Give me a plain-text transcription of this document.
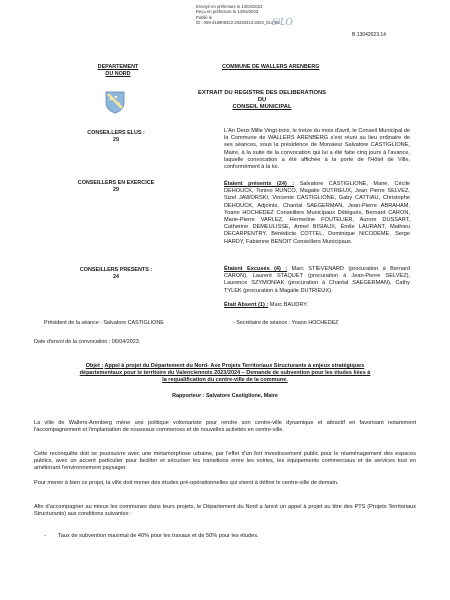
Envoyé en préfecture le 14/04/2023
Reçu en préfecture le 14/04/2023
Publié le
ID : 059-215906322-20230413-2023_014-DE
S²LO
B 13042023.14
DEPARTEMENT
DU NORD
COMMUNE DE WALLERS ARENBERG
EXTRAIT DU REGISTRE DES DELIBERATIONS DU
CONSEIL MUNICIPAL
CONSEILLERS ELUS :
29
CONSEILLERS EN EXERCICE
29
CONSEILLERS PRESENTS :
24
L'An Deux Mille Vingt-trois, le treize du mois d'avril, le Conseil Municipal de la Commune de WALLERS ARENBERG s'est réuni au lieu ordinaire de ses séances, sous la présidence de Monsieur Salvatore CASTIGLIONE, Maire, à la suite de la convocation qui lui a été faite cinq jours à l'avance, laquelle convocation a été affichée à la porte de l'Hôtel de Ville, conformément à la loi.
Étaient présents (24) : Salvatore CASTIGLIONE, Maire, Cécile DEHOUCK, Tonino RUNCO, Magalie DUTRIEUX, Jean Pierre SELVEZ, Sizel JAWORSKI, Vincente CASTIGLIONE, Gaby CATTIAU, Christophe DEHOUCK, Adjoints, Chantal SAEGERMAN, Jean-Pierre ABRAHAM, Yoann HOCHEDEZ Conseillers Municipaux Délégués, Bernard CARON, Marie-Pierre VARLEZ, Hermeline FOUTELIER, Aurore DUSSART, Catherine DEMEULISSE, Armel BISIAUX, Émile LAURANT, Mathieu DECARPENTRY, Bénédicte COTTEL, Dominique NICODEME, Serge HARDY, Fabienne BENOIT Conseillers Municipaux.
Étaient Excusés (4) : Marc STIEVENARD (procuration à Bernard CARON), Laurent STAQUET (procuration à Jean-Pierre SELVEZ), Laurence SZYMONIAK (procuration à Chantal SAEGERMAN), Cathy TYLEK (procuration à Magalie DUTRIEUX).
Était Absent (1) : Marc BAUDRY.
Président de la séance : Salvatore CASTIGLIONE	- Secrétaire de séance : Yoann HOCHEDEZ
Date d'envoi de la convocation : 06/04/2023.
Objet : Appel à projet du Département du Nord- Axe Projets Territoriaux Structurants à enjeux stratégiques
départementaux pour le territoire du Valenciennois 2023/2024 – Demande de subvention pour les études liées à
la requalification du centre-ville de la commune.
Rapporteur : Salvatore Castiglione, Maire
La ville de Wallers-Arenberg mène une politique volontariste pour rendre son centre-ville dynamique et attractif en favorisant notamment l'accompagnement et l'implantation de nouveaux commerces et de nouvelles activités en centre-ville.
Cette reconquête doit se poursuivre avec une métamorphose urbaine, par l'effet d'un fort investissement public pour le réaménagement des espaces publics, avec un accent particulier pour faciliter et sécuriser les transitions entre les voiries, les équipements commerciaux et de services tout en améliorant l'environnement paysager.
Pour mener à bien ce projet, la ville doit mener des études pré-opérationnelles qui visent à définir le centre-ville de demain.
Afin d'accompagner au mieux les communes dans leurs projets, le Département du Nord a lancé un appel à projet au titre des PTS (Projets Territoriaux Structurants) aux conditions suivantes :
- Taux de subvention maximal de 40% pour les travaux et de 50% pour les études.
